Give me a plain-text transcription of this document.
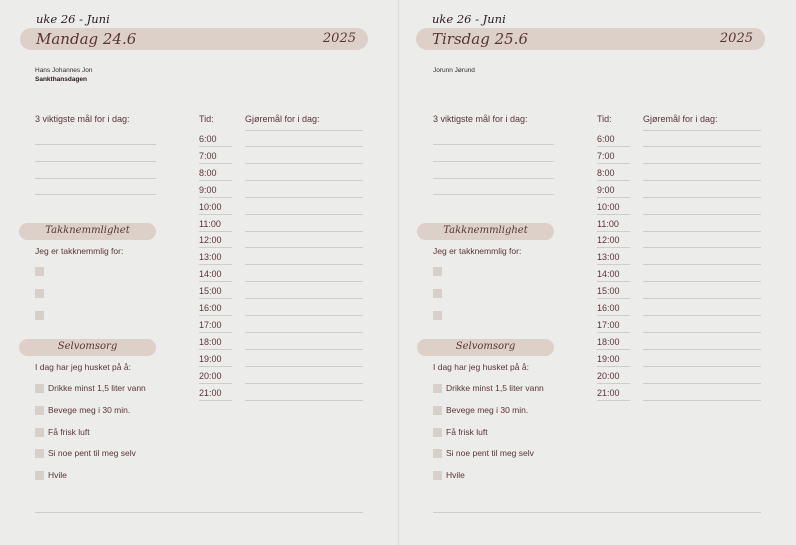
uke 26 - Juni
Mandag 24.6	2025
Hans Johannes Jon
Sankthansdagen
3 viktigste mål for i dag:	Tid:	Gjøremål for i dag:
6:00
7:00
8:00
9:00
10:00
11:00
12:00
13:00
14:00
15:00
16:00
17:00
18:00
19:00
20:00
21:00
Takknemmlighet
Jeg er takknemmlig for:
Selvomsorg
I dag har jeg husket på å:
Drikke minst 1,5 liter vann
Bevege meg i 30 min.
Få frisk luft
Si noe pent til meg selv
Hvile
uke 26 - Juni
Tirsdag 25.6	2025
Jorunn Jørund
3 viktigste mål for i dag:	Tid:	Gjøremål for i dag:
6:00
7:00
8:00
9:00
10:00
11:00
12:00
13:00
14:00
15:00
16:00
17:00
18:00
19:00
20:00
21:00
Takknemmlighet
Jeg er takknemmlig for:
Selvomsorg
I dag har jeg husket på å:
Drikke minst 1,5 liter vann
Bevege meg i 30 min.
Få frisk luft
Si noe pent til meg selv
Hvile
